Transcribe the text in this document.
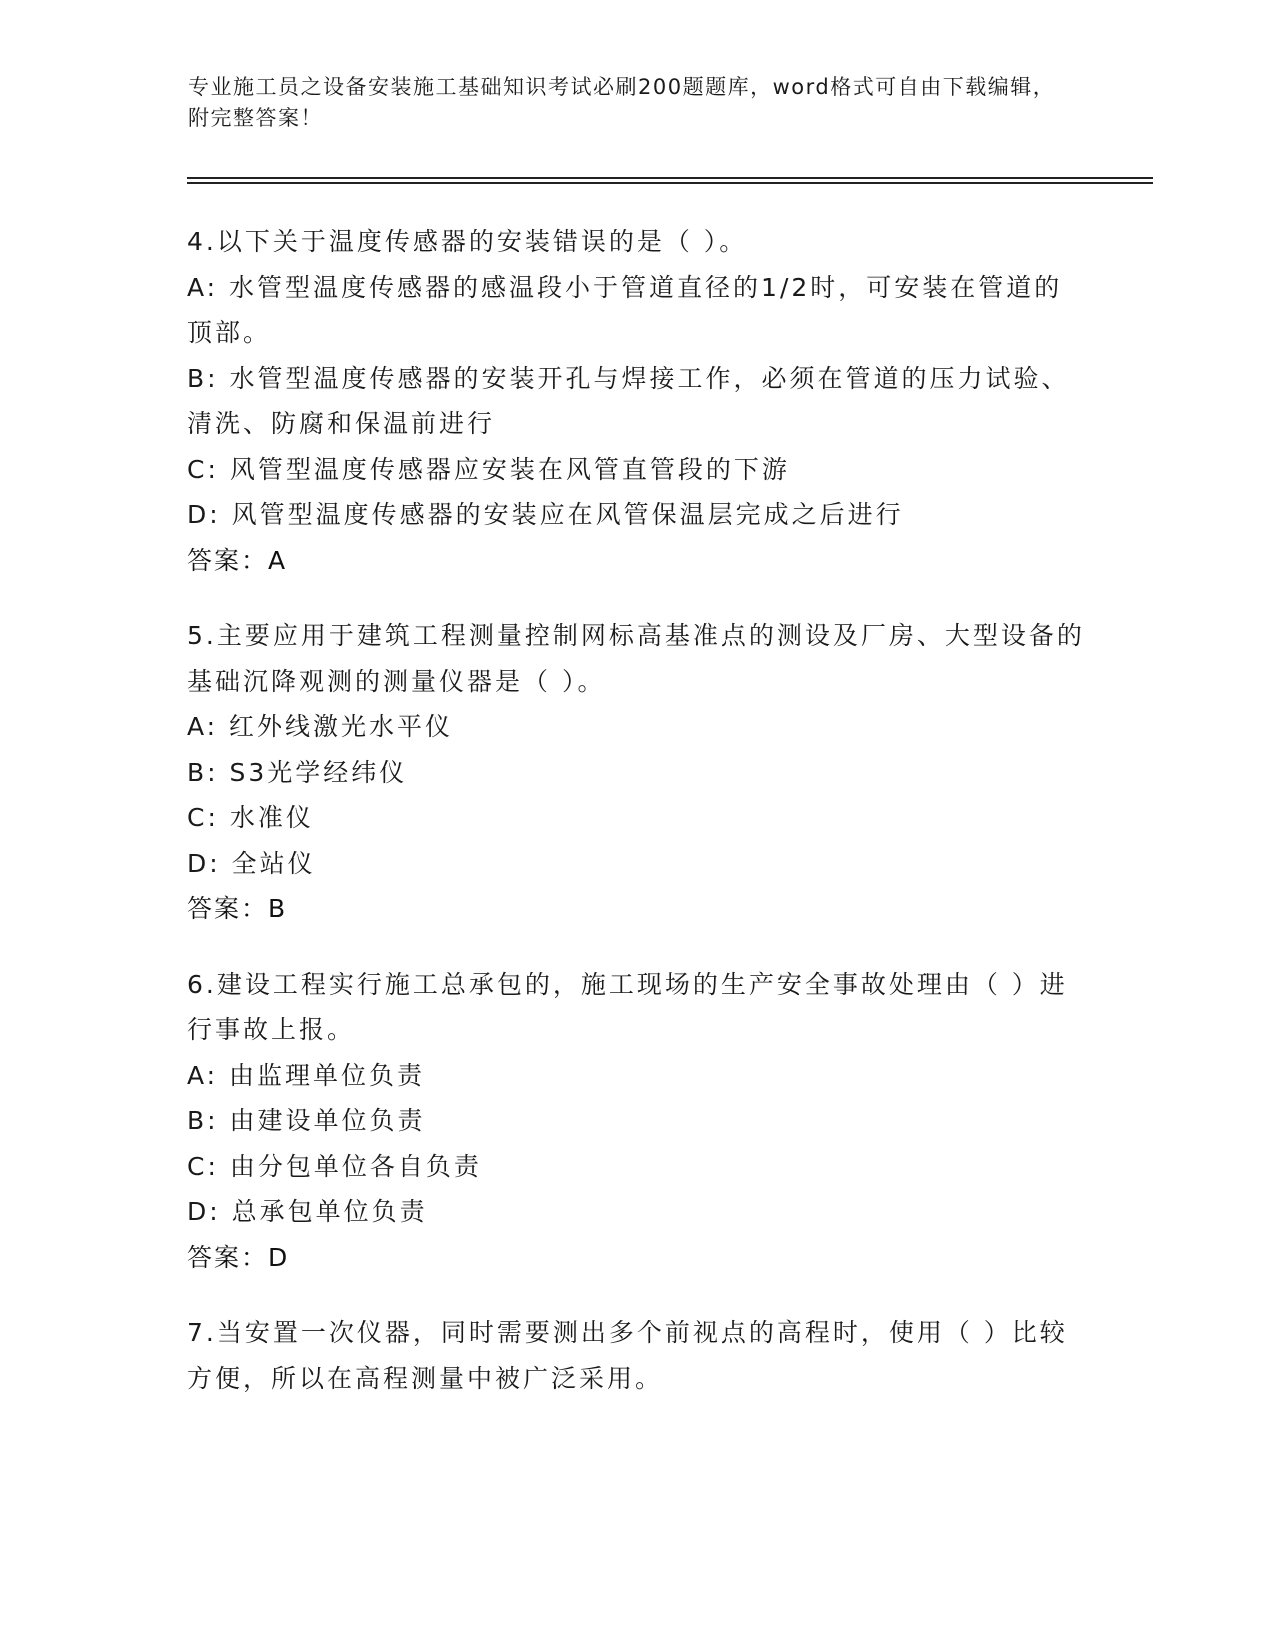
专业施工员之设备安装施工基础知识考试必刷200题题库，word格式可自由下载编辑，附完整答案！
4.以下关于温度传感器的安装错误的是（ ）。
A: 水管型温度传感器的感温段小于管道直径的1/2时，可安装在管道的顶部。
B: 水管型温度传感器的安装开孔与焊接工作，必须在管道的压力试验、清洗、防腐和保温前进行
C: 风管型温度传感器应安装在风管直管段的下游
D: 风管型温度传感器的安装应在风管保温层完成之后进行
答案：A
5.主要应用于建筑工程测量控制网标高基准点的测设及厂房、大型设备的基础沉降观测的测量仪器是（ ）。
A: 红外线激光水平仪
B: S3光学经纬仪
C: 水准仪
D: 全站仪
答案：B
6.建设工程实行施工总承包的，施工现场的生产安全事故处理由（ ）进行事故上报。
A: 由监理单位负责
B: 由建设单位负责
C: 由分包单位各自负责
D: 总承包单位负责
答案：D
7.当安置一次仪器，同时需要测出多个前视点的高程时，使用（ ）比较方便，所以在高程测量中被广泛采用。
